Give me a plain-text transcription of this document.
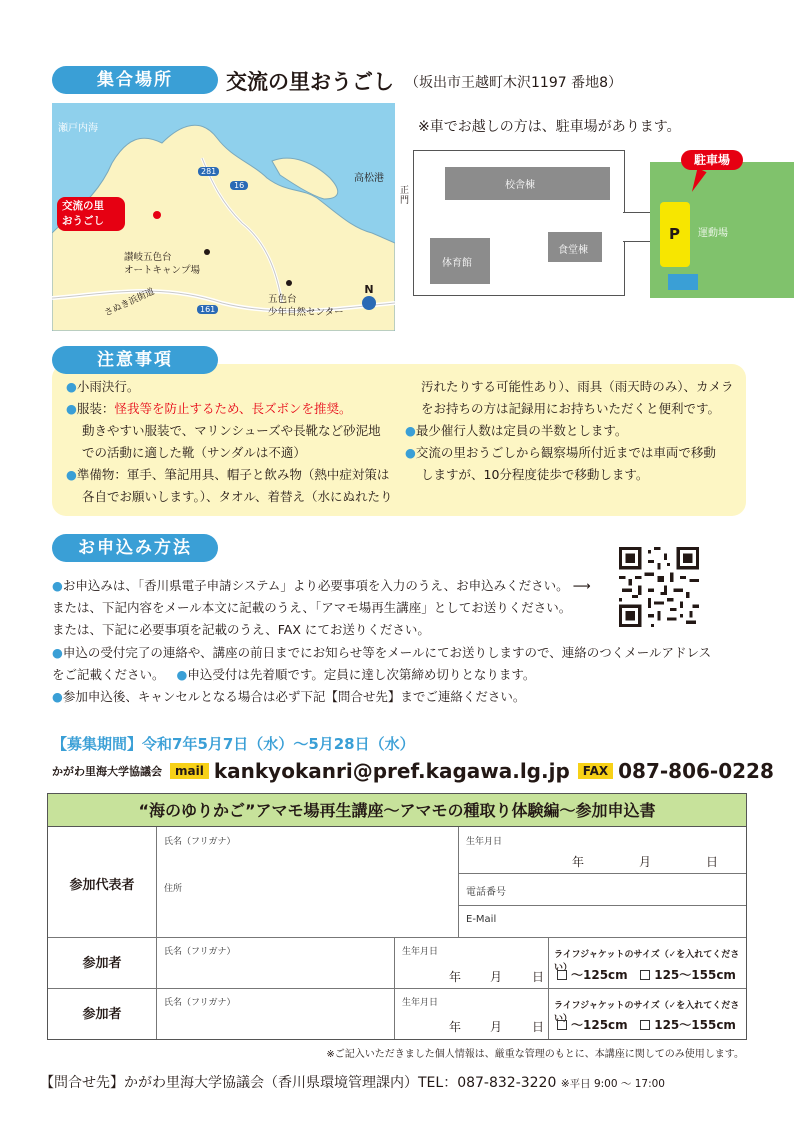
集合場所	交流の里おうごし （坂出市王越町木沢1197 番地8）
瀬戸内海
高松港
281
16
161
交流の里
おうごし
讃岐五色台
オートキャンプ場
五色台
少年自然センター
さぬき浜街道	N
※車でお越しの方は、駐車場があります。
正門
校舎棟
体育館
食堂棟
運動場
P
駐車場
注意事項

●小雨決行。

●服装：怪我等を防止するため、長ズボンを推奨。

動きやすい服装で、マリンシューズや長靴など砂泥地

での活動に適した靴（サンダルは不適）

●準備物：軍手、筆記用具、帽子と飲み物（熱中症対策は

各自でお願いします。）、タオル、着替え（水にぬれたり

汚れたりする可能性あり）、雨具（雨天時のみ）、カメラ

をお持ちの方は記録用にお持ちいただくと便利です。

●最少催行人数は定員の半数とします。

●交流の里おうごしから観察場所付近までは車両で移動

しますが、10分程度徒歩で移動します。

お申込み方法

●お申込みは、「香川県電子申請システム」より必要事項を入力のうえ、お申込みください。 ⟶

または、下記内容をメール本文に記載のうえ、「アマモ場再生講座」としてお送りください。

または、下記に必要事項を記載のうえ、FAX にてお送りください。

●申込の受付完了の連絡や、講座の前日までにお知らせ等をメールにてお送りしますので、連絡のつくメールアドレス

をご記載ください。 ●申込受付は先着順です。定員に達し次第締め切りとなります。

●参加申込後、キャンセルとなる場合は必ず下記【問合せ先】までご連絡ください。

【募集期間】令和7年5月7日（水）～5月28日（水）
かがわ里海大学協議会	mail kankyokanri@pref.kagawa.lg.jp	FAX 087-806-0228
“海のゆりかご”アマモ場再生講座～アマモの種取り体験編～参加申込書
参加代表者
氏名（フリガナ）	生年月日
年	月	日
住所	電話番号
E-Mail
参加者
氏名（フリガナ）	生年月日
年 月 日
ライフジャケットのサイズ（✓を入れてください）
～125cm 125～155cm
参加者
氏名（フリガナ）	生年月日
年 月 日
ライフジャケットのサイズ（✓を入れてください）
～125cm 125～155cm
※ご記入いただきました個人情報は、厳重な管理のもとに、本講座に関してのみ使用します。
【問合せ先】かがわ里海大学協議会（香川県環境管理課内）TEL：087-832-3220 ※平日 9:00 ～ 17:00
